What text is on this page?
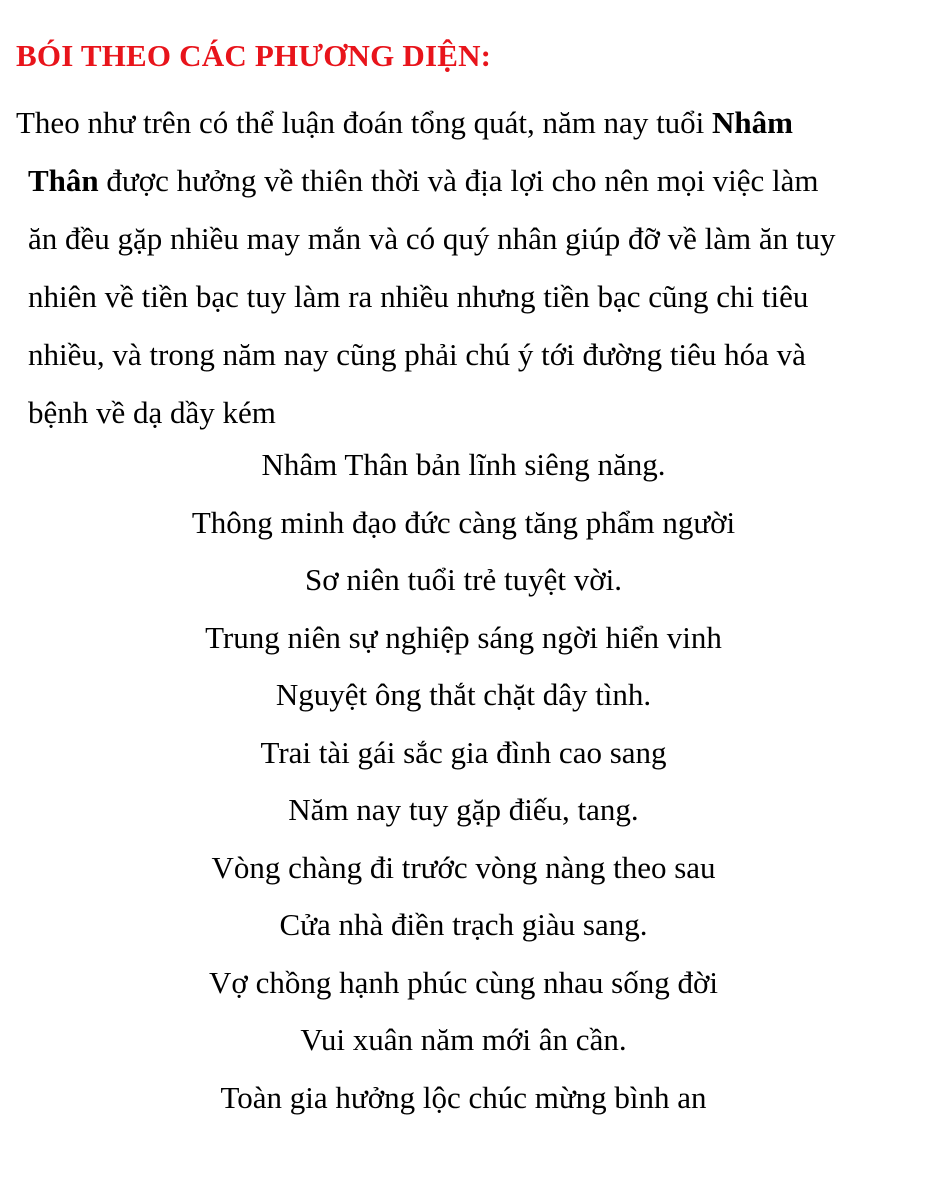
BÓI THEO CÁC PHƯƠNG DIỆN:
Theo như trên có thể luận đoán tổng quát, năm nay tuổi Nhâm
Thân được hưởng về thiên thời và địa lợi cho nên mọi việc làm
ăn đều gặp nhiều may mắn và có quý nhân giúp đỡ về làm ăn tuy
nhiên về tiền bạc tuy làm ra nhiều nhưng tiền bạc cũng chi tiêu
nhiều, và trong năm nay cũng phải chú ý tới đường tiêu hóa và
bệnh về dạ dầy kém
Nhâm Thân bản lĩnh siêng năng.
Thông minh đạo đức càng tăng phẩm người
Sơ niên tuổi trẻ tuyệt vời.
Trung niên sự nghiệp sáng ngời hiển vinh
Nguyệt ông thắt chặt dây tình.
Trai tài gái sắc gia đình cao sang
Năm nay tuy gặp điếu, tang.
Vòng chàng đi trước vòng nàng theo sau
Cửa nhà điền trạch giàu sang.
Vợ chồng hạnh phúc cùng nhau sống đời
Vui xuân năm mới ân cần.
Toàn gia hưởng lộc chúc mừng bình an
